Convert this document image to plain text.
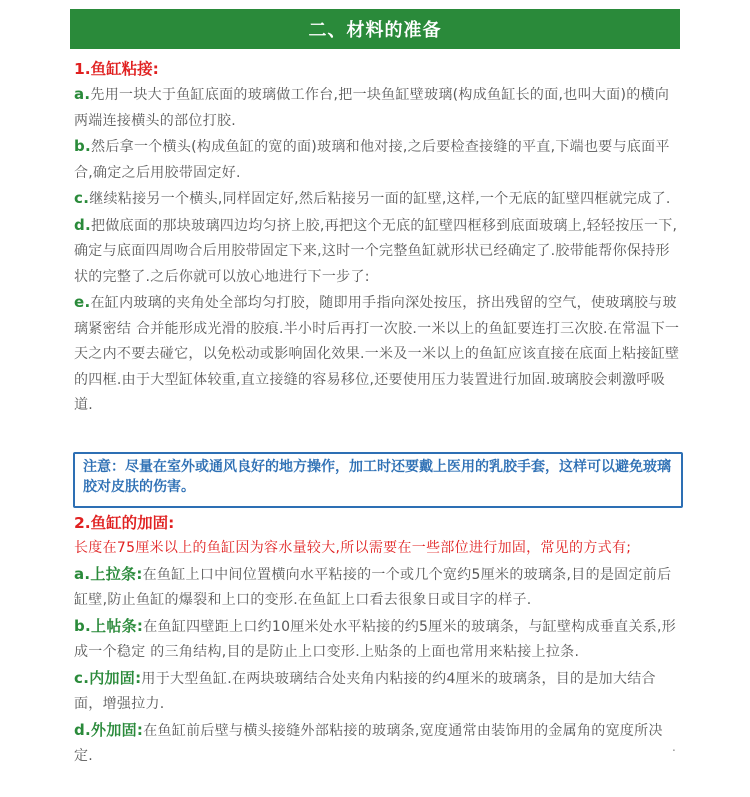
二、材料的准备
1.鱼缸粘接:
a.先用一块大于鱼缸底面的玻璃做工作台,把一块鱼缸壁玻璃(构成鱼缸长的面,也叫大面)的横向两端连接横头的部位打胶.
b.然后拿一个横头(构成鱼缸的宽的面)玻璃和他对接,之后要检查接缝的平直,下端也要与底面平合,确定之后用胶带固定好.
c.继续粘接另一个横头,同样固定好,然后粘接另一面的缸壁,这样,一个无底的缸壁四框就完成了.
d.把做底面的那块玻璃四边均匀挤上胶,再把这个无底的缸壁四框移到底面玻璃上,轻轻按压一下,确定与底面四周吻合后用胶带固定下来,这时一个完整鱼缸就形状已经确定了.胶带能帮你保持形状的完整了.之后你就可以放心地进行下一步了:
e.在缸内玻璃的夹角处全部均匀打胶，随即用手指向深处按压，挤出残留的空气，使玻璃胶与玻璃紧密结 合并能形成光滑的胶痕.半小时后再打一次胶.一米以上的鱼缸要连打三次胶.在常温下一天之内不要去碰它，以免松动或影响固化效果.一米及一米以上的鱼缸应该直接在底面上粘接缸壁的四框.由于大型缸体较重,直立接缝的容易移位,还要使用压力装置进行加固.玻璃胶会刺激呼吸道.
注意：尽量在室外或通风良好的地方操作，加工时还要戴上医用的乳胶手套，这样可以避免玻璃胶对皮肤的伤害。
2.鱼缸的加固:
长度在75厘米以上的鱼缸因为容水量较大,所以需要在一些部位进行加固，常见的方式有;
a.上拉条:在鱼缸上口中间位置横向水平粘接的一个或几个宽约5厘米的玻璃条,目的是固定前后缸壁,防止鱼缸的爆裂和上口的变形.在鱼缸上口看去很象日或目字的样子.
b.上帖条:在鱼缸四壁距上口约10厘米处水平粘接的约5厘米的玻璃条，与缸壁构成垂直关系,形成一个稳定 的三角结构,目的是防止上口变形.上贴条的上面也常用来粘接上拉条.
c.内加固:用于大型鱼缸.在两块玻璃结合处夹角内粘接的约4厘米的玻璃条，目的是加大结合面，增强拉力.
d.外加固:在鱼缸前后壁与横头接缝外部粘接的玻璃条,宽度通常由装饰用的金属角的宽度所决定.
.
